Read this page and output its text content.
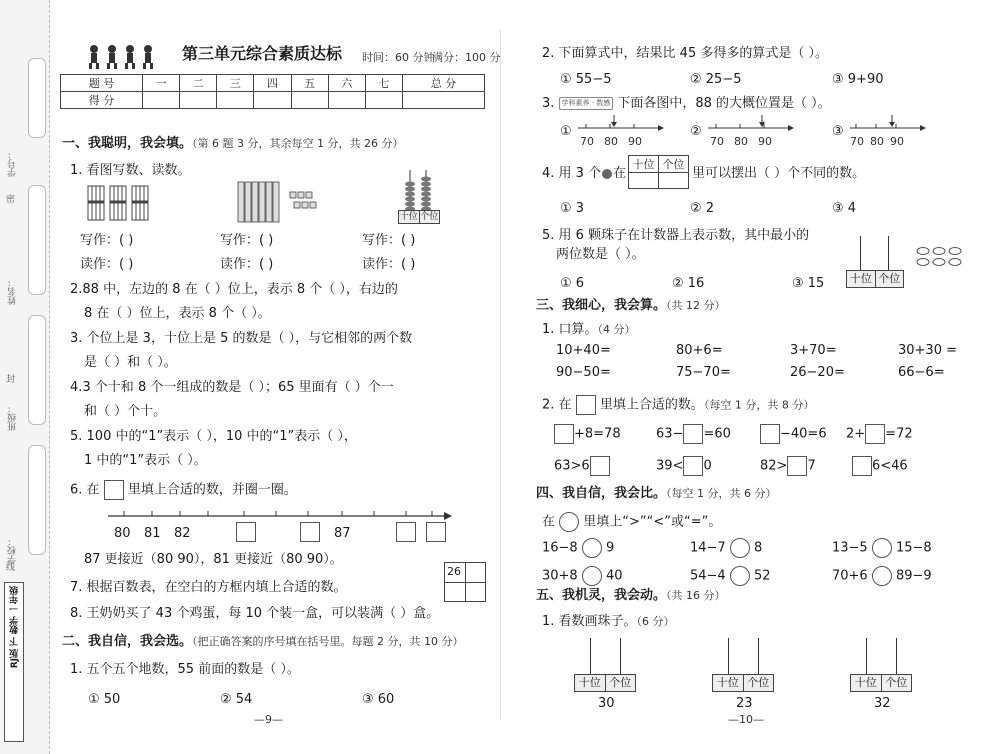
学号：
姓名：
班级：
学校：
密
封
线
一年级
数学
下
RJ版
第三单元综合素质达标 时间：60 分钟
满分：100 分
题 号	一	二	三	四	五	六	七	总 分
得 分								
一、我聪明，我会填。（第 6 题 3 分，其余每空 1 分，共 26 分）
1. 看图写数、读数。
十位 个位
写作：( )	写作：( )	写作：( )
读作：( )	读作：( )	读作：( )
2.88 中，左边的 8 在（ ）位上，表示 8 个（ ），右边的
8 在（ ）位上，表示 8 个（ ）。
3. 个位上是 3，十位上是 5 的数是（ ），与它相邻的两个数
是（ ）和（ ）。
4.3 个十和 8 个一组成的数是（ ）；65 里面有（ ）个一
和（ ）个十。
5. 100 中的“1”表示（ ），10 中的“1”表示（ ），
1 中的“1”表示（ ）。
6. 在 里填上合适的数，并圈一圈。
80 81 82	87
87 更接近（80 90），81 更接近（80 90）。
26
7. 根据百数表，在空白的方框内填上合适的数。
8. 王奶奶买了 43 个鸡蛋，每 10 个装一盒，可以装满（ ）盒。
二、我自信，我会选。（把正确答案的序号填在括号里。每题 2 分，共 10 分）
1. 五个五个地数，55 前面的数是（ ）。
① 50	② 54	③ 60
—9—
2. 下面算式中，结果比 45 多得多的算式是（ ）。
① 55−5	② 25−5	③ 9+90
3. 学科素养 · 数感 下面各图中，88 的大概位置是（ ）。
①
70 80 90
②
70 80 90
③
70 80 90
4. 用 3 个 在
十位	个位

里可以摆出（ ）个不同的数。
① 3	② 2	③ 4
5. 用 6 颗珠子在计数器上表示数，其中最小的
两位数是（ ）。
十位 个位
① 6	② 16	③ 15
三、我细心，我会算。（共 12 分）
1. 口算。（4 分）
10+40=	80+6=	3+70=	30+30 =
90−50=	75−70=	26−20=	66−6=
2. 在 里填上合适的数。（每空 1 分，共 8 分）
+8=78	63− =60	−40=6 2+ =72
63>6	39< 0	82> 7	6<46
四、我自信，我会比。（每空 1 分，共 6 分）
在 里填上“>”“<”或“=”。
16−8 9	14−7 8	13−5 15−8
30+8 40	54−4 52	70+6 89−9
五、我机灵，我会动。（共 16 分）
1. 看数画珠子。（6 分）
十位 个位
30
十位 个位
23
十位 个位
32
—10—
